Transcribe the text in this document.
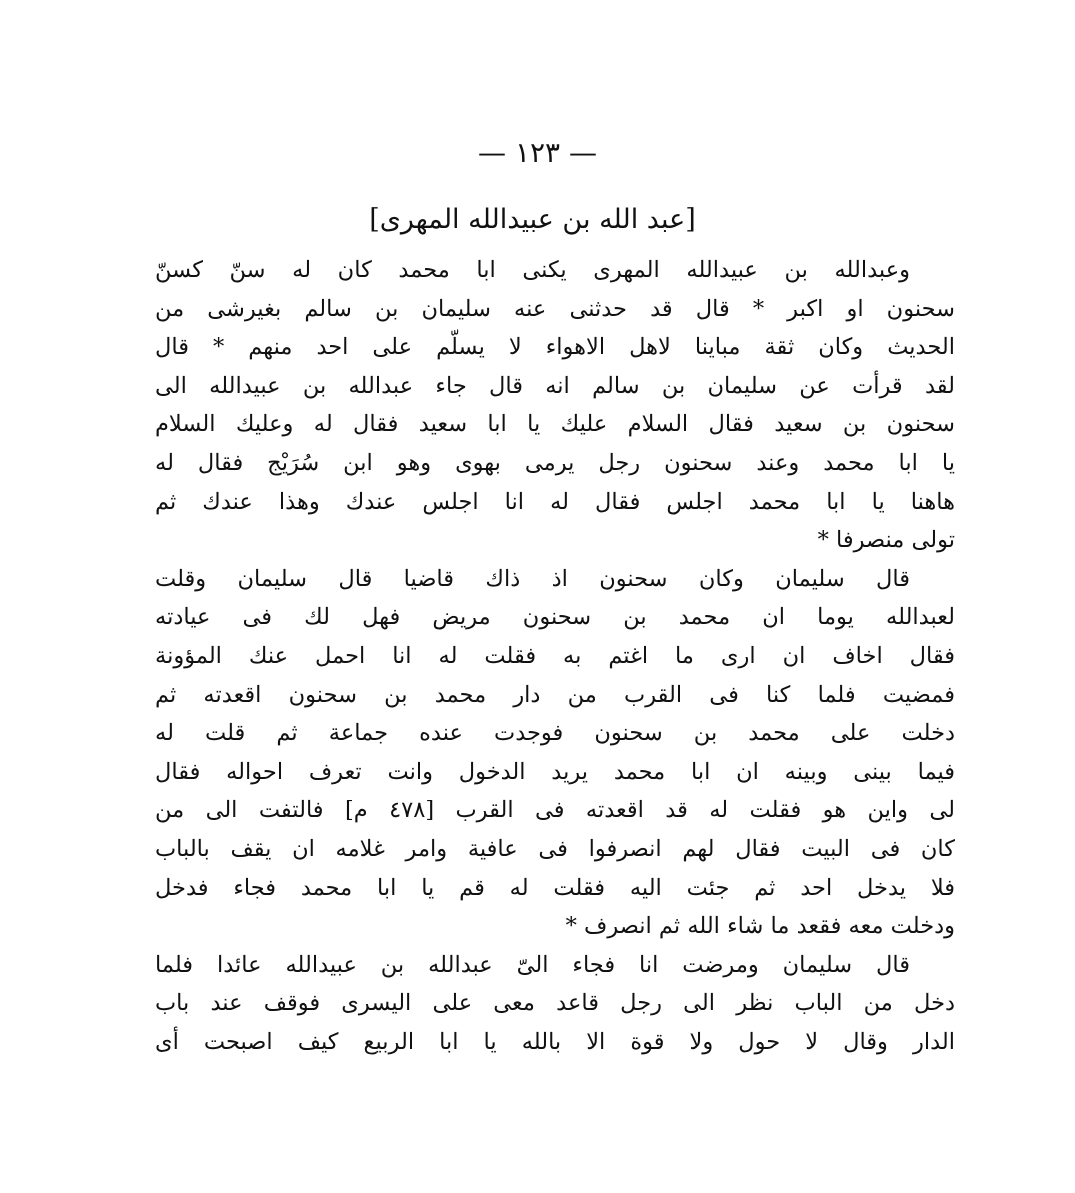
— ١٢٣ —
[عبد الله بن عبيدالله المهرى]
وعبدالله بن عبيدالله المهرى يكنى ابا محمد كان له سنّ كسنّ
سحنون او اكبر * قال قد حدثنى عنه سليمان بن سالم بغيرشى من
الحديث وكان ثقة مباينا لاهل الاهواء لا يسلّم على احد منهم * قال
لقد قرأت عن سليمان بن سالم انه قال جاء عبدالله بن عبيدالله الى
سحنون بن سعيد فقال السلام عليك يا ابا سعيد فقال له وعليك السلام
يا ابا محمد وعند سحنون رجل يرمى بهوى وهو ابن سُرَيْج فقال له
هاهنا يا ابا محمد اجلس فقال له انا اجلس عندك وهذا عندك ثم
تولى منصرفا *
قال سليمان وكان سحنون اذ ذاك قاضيا قال سليمان وقلت
لعبدالله يوما ان محمد بن سحنون مريض فهل لك فى عيادته
فقال اخاف ان ارى ما اغتم به فقلت له انا احمل عنك المؤونة
فمضيت فلما كنا فى القرب من دار محمد بن سحنون اقعدته ثم
دخلت على محمد بن سحنون فوجدت عنده جماعة ثم قلت له
فيما بينى وبينه ان ابا محمد يريد الدخول وانت تعرف احواله فقال
لى واين هو فقلت له قد اقعدته فى القرب [٤٧٨ م] فالتفت الى من
كان فى البيت فقال لهم انصرفوا فى عافية وامر غلامه ان يقف بالباب
فلا يدخل احد ثم جئت اليه فقلت له قم يا ابا محمد فجاء فدخل
ودخلت معه فقعد ما شاء الله ثم انصرف *
قال سليمان ومرضت انا فجاء الىّ عبدالله بن عبيدالله عائدا فلما
دخل من الباب نظر الى رجل قاعد معى على اليسرى فوقف عند باب
الدار وقال لا حول ولا قوة الا بالله يا ابا الربيع كيف اصبحت أى
